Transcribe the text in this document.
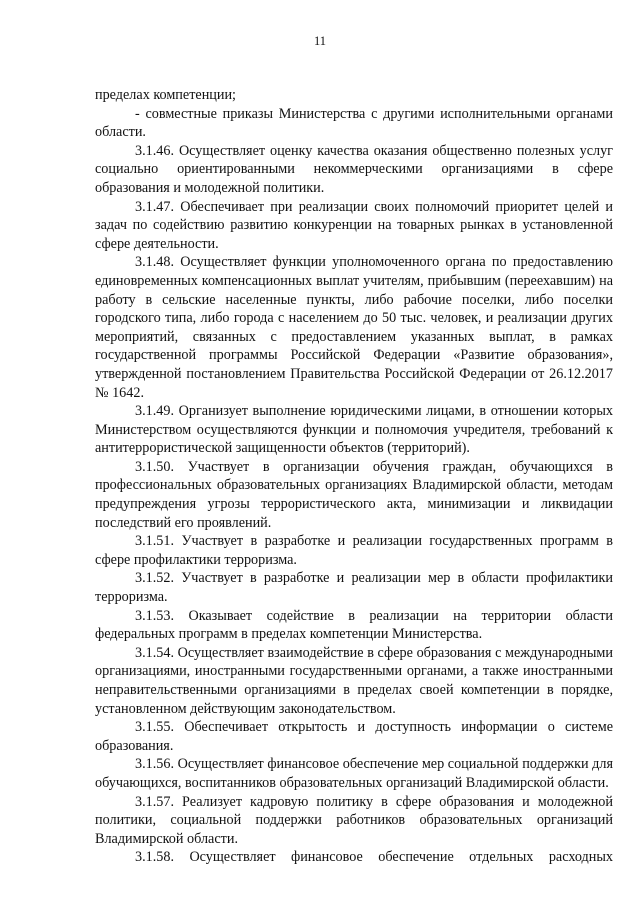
11

пределах компетенции;

- совместные приказы Министерства с другими исполнительными органами области.

3.1.46. Осуществляет оценку качества оказания общественно полезных услуг социально ориентированными некоммерческими организациями в сфере образования и молодежной политики.

3.1.47. Обеспечивает при реализации своих полномочий приоритет целей и задач по содействию развитию конкуренции на товарных рынках в установленной сфере деятельности.

3.1.48. Осуществляет функции уполномоченного органа по предоставлению единовременных компенсационных выплат учителям, прибывшим (переехавшим) на работу в сельские населенные пункты, либо рабочие поселки, либо поселки городского типа, либо города с населением до 50 тыс. человек, и реализации других мероприятий, связанных с предоставлением указанных выплат, в рамках государственной программы Российской Федерации «Развитие образования», утвержденной постановлением Правительства Российской Федерации от 26.12.2017 № 1642.

3.1.49. Организует выполнение юридическими лицами, в отношении которых Министерством осуществляются функции и полномочия учредителя, требований к антитеррористической защищенности объектов (территорий).

3.1.50. Участвует в организации обучения граждан, обучающихся в профессиональных образовательных организациях Владимирской области, методам предупреждения угрозы террористического акта, минимизации и ликвидации последствий его проявлений.

3.1.51. Участвует в разработке и реализации государственных программ в сфере профилактики терроризма.

3.1.52. Участвует в разработке и реализации мер в области профилактики терроризма.

3.1.53. Оказывает содействие в реализации на территории области федеральных программ в пределах компетенции Министерства.

3.1.54. Осуществляет взаимодействие в сфере образования с международными организациями, иностранными государственными органами, а также иностранными неправительственными организациями в пределах своей компетенции в порядке, установленном действующим законодательством.

3.1.55. Обеспечивает открытость и доступность информации о системе образования.

3.1.56. Осуществляет финансовое обеспечение мер социальной поддержки для обучающихся, воспитанников образовательных организаций Владимирской области.

3.1.57. Реализует кадровую политику в сфере образования и молодежной политики, социальной поддержки работников образовательных организаций Владимирской области.

3.1.58. Осуществляет финансовое обеспечение отдельных расходных
